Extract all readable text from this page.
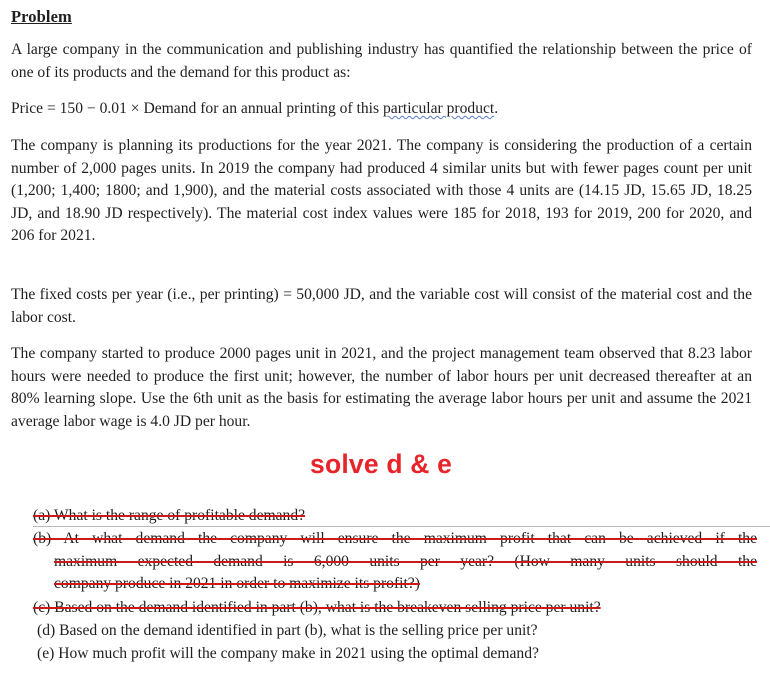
Problem

A large company in the communication and publishing industry has quantified the relationship between the price of one of its products and the demand for this product as:

Price = 150 − 0.01 × Demand for an annual printing of this particular product.

The company is planning its productions for the year 2021. The company is considering the production of a certain number of 2,000 pages units. In 2019 the company had produced 4 similar units but with fewer pages count per unit (1,200; 1,400; 1800; and 1,900), and the material costs associated with those 4 units are (14.15 JD, 15.65 JD, 18.25 JD, and 18.90 JD respectively). The material cost index values were 185 for 2018, 193 for 2019, 200 for 2020, and 206 for 2021.

The fixed costs per year (i.e., per printing) = 50,000 JD, and the variable cost will consist of the material cost and the labor cost.

The company started to produce 2000 pages unit in 2021, and the project management team observed that 8.23 labor hours were needed to produce the first unit; however, the number of labor hours per unit decreased thereafter at an 80% learning slope. Use the 6th unit as the basis for estimating the average labor hours per unit and assume the 2021 average labor wage is 4.0 JD per hour.

solve d & e

(a) What is the range of profitable demand?

(b) At what demand the company will ensure the maximum profit that can be achieved if the
maximum expected demand is 6,000 units per year? (How many units should the
company produce in 2021 in order to maximize its profit?)

(c) Based on the demand identified in part (b), what is the breakeven selling price per unit?

(d) Based on the demand identified in part (b), what is the selling price per unit?

(e) How much profit will the company make in 2021 using the optimal demand?
